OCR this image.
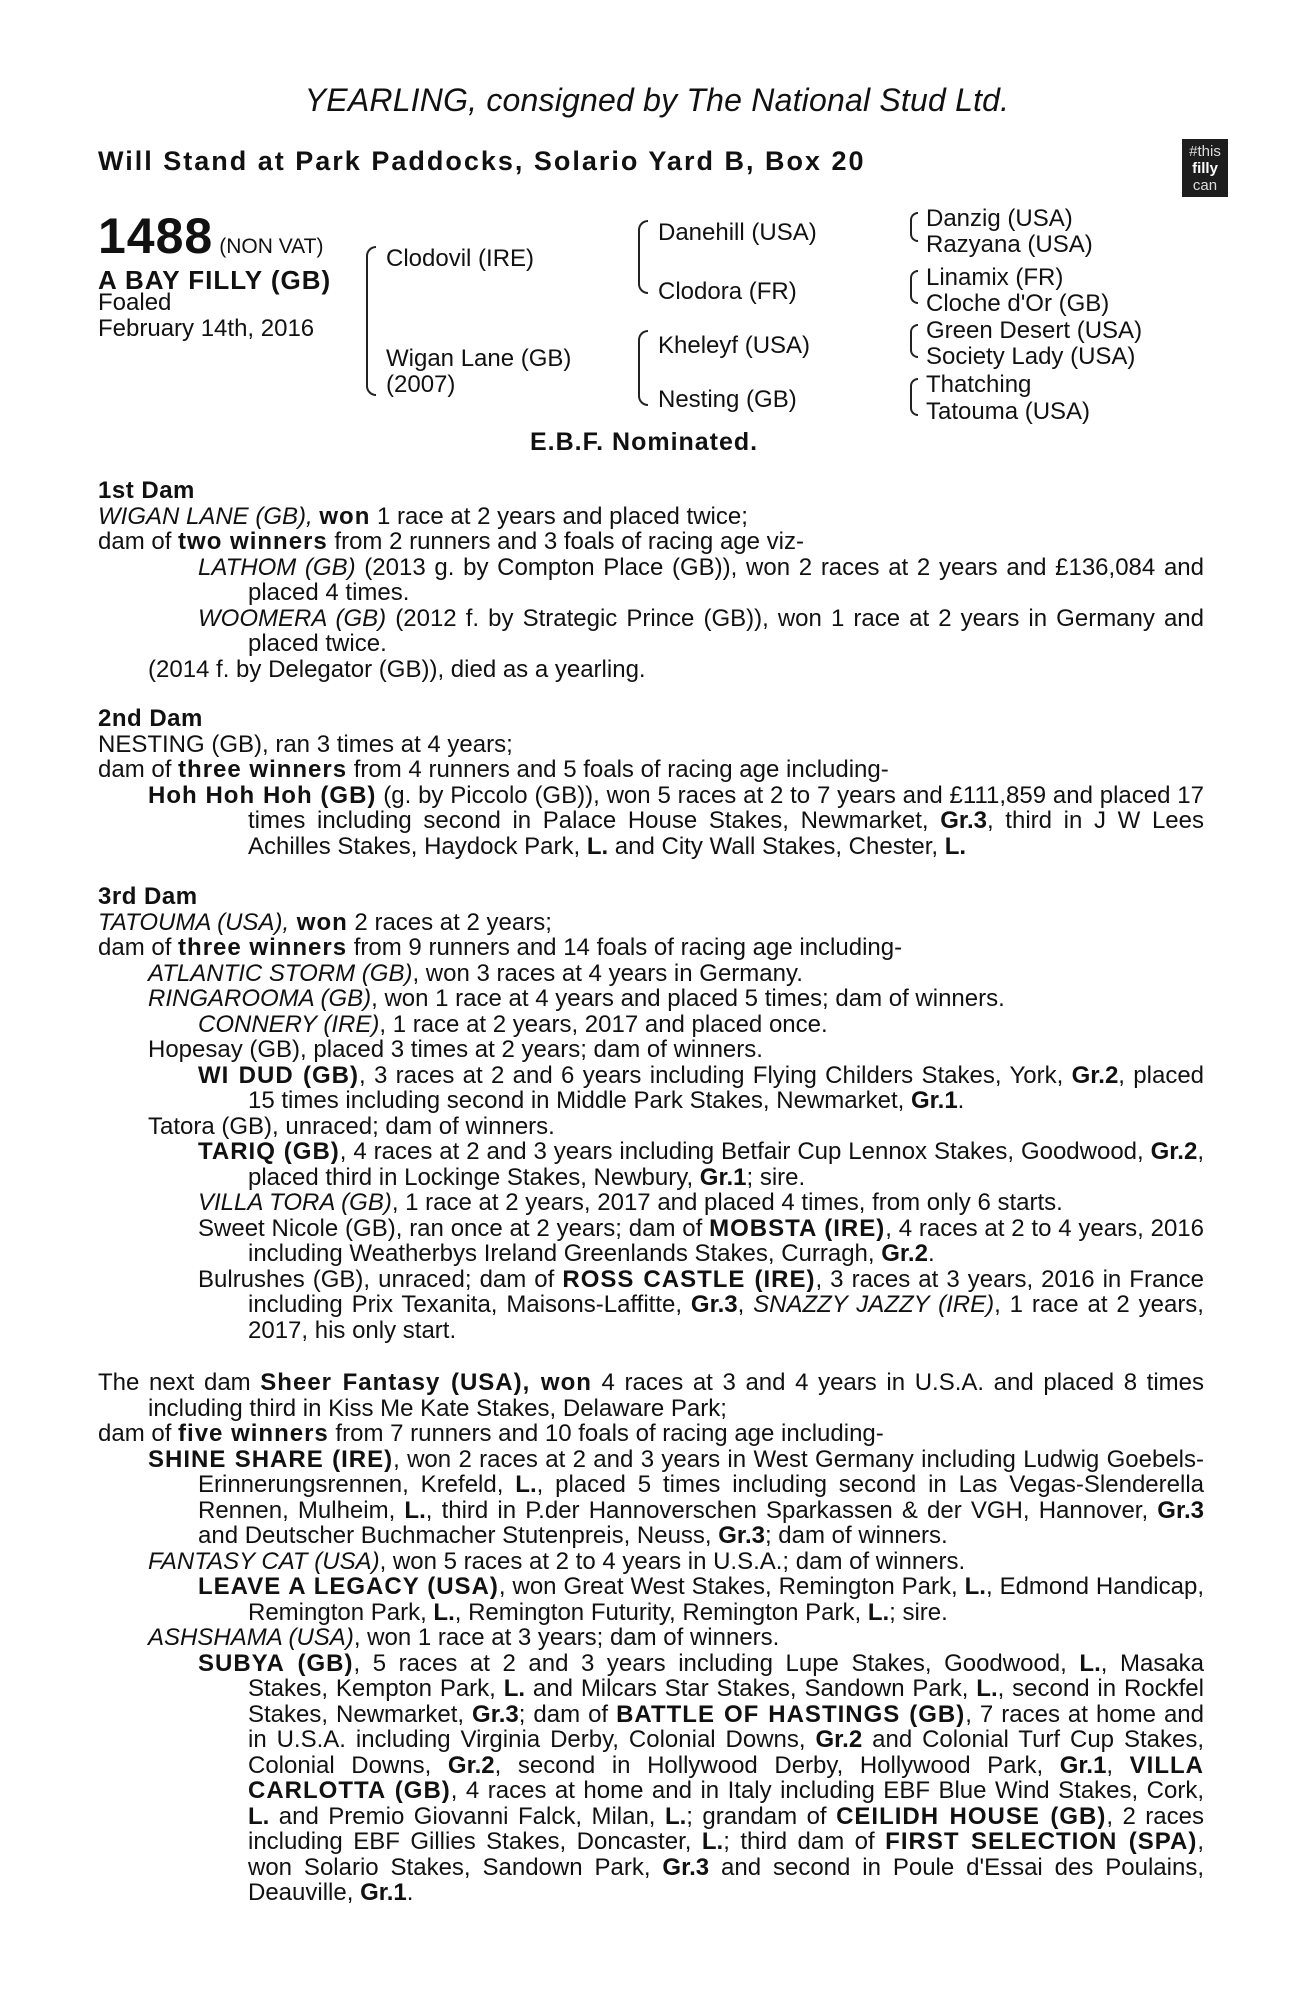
YEARLING, consigned by The National Stud Ltd.
Will Stand at Park Paddocks, Solario Yard B, Box 20	#this
filly
can
1488 (NON VAT)
A BAY FILLY (GB)
Foaled
February 14th, 2016
Clodovil (IRE)
Wigan Lane (GB)
(2007)
Danehill (USA)
Clodora (FR)
Kheleyf (USA)
Nesting (GB)
Danzig (USA)
Razyana (USA)
Linamix (FR)
Cloche d'Or (GB)
Green Desert (USA)
Society Lady (USA)
Thatching
Tatouma (USA)
E.B.F. Nominated.

1st Dam

WIGAN LANE (GB), won 1 race at 2 years and placed twice;

dam of two winners from 2 runners and 3 foals of racing age viz-

LATHOM (GB) (2013 g. by Compton Place (GB)), won 2 races at 2 years and £136,084 and placed 4 times.

WOOMERA (GB) (2012 f. by Strategic Prince (GB)), won 1 race at 2 years in Germany and placed twice.

(2014 f. by Delegator (GB)), died as a yearling.

2nd Dam

NESTING (GB), ran 3 times at 4 years;

dam of three winners from 4 runners and 5 foals of racing age including-

Hoh Hoh Hoh (GB) (g. by Piccolo (GB)), won 5 races at 2 to 7 years and £111,859 and placed 17 times including second in Palace House Stakes, Newmarket, Gr.3, third in J W Lees Achilles Stakes, Haydock Park, L. and City Wall Stakes, Chester, L.

3rd Dam

TATOUMA (USA), won 2 races at 2 years;

dam of three winners from 9 runners and 14 foals of racing age including-

ATLANTIC STORM (GB), won 3 races at 4 years in Germany.

RINGAROOMA (GB), won 1 race at 4 years and placed 5 times; dam of winners.

CONNERY (IRE), 1 race at 2 years, 2017 and placed once.

Hopesay (GB), placed 3 times at 2 years; dam of winners.

WI DUD (GB), 3 races at 2 and 6 years including Flying Childers Stakes, York, Gr.2, placed 15 times including second in Middle Park Stakes, Newmarket, Gr.1.

Tatora (GB), unraced; dam of winners.

TARIQ (GB), 4 races at 2 and 3 years including Betfair Cup Lennox Stakes, Goodwood, Gr.2, placed third in Lockinge Stakes, Newbury, Gr.1; sire.

VILLA TORA (GB), 1 race at 2 years, 2017 and placed 4 times, from only 6 starts.

Sweet Nicole (GB), ran once at 2 years; dam of MOBSTA (IRE), 4 races at 2 to 4 years, 2016 including Weatherbys Ireland Greenlands Stakes, Curragh, Gr.2.

Bulrushes (GB), unraced; dam of ROSS CASTLE (IRE), 3 races at 3 years, 2016 in France including Prix Texanita, Maisons-Laffitte, Gr.3, SNAZZY JAZZY (IRE), 1 race at 2 years, 2017, his only start.

The next dam Sheer Fantasy (USA), won 4 races at 3 and 4 years in U.S.A. and placed 8 times including third in Kiss Me Kate Stakes, Delaware Park;

dam of five winners from 7 runners and 10 foals of racing age including-

SHINE SHARE (IRE), won 2 races at 2 and 3 years in West Germany including Ludwig Goebels-Erinnerungsrennen, Krefeld, L., placed 5 times including second in Las Vegas-Slenderella Rennen, Mulheim, L., third in P.der Hannoverschen Sparkassen & der VGH, Hannover, Gr.3 and Deutscher Buchmacher Stutenpreis, Neuss, Gr.3; dam of winners.

FANTASY CAT (USA), won 5 races at 2 to 4 years in U.S.A.; dam of winners.

LEAVE A LEGACY (USA), won Great West Stakes, Remington Park, L., Edmond Handicap, Remington Park, L., Remington Futurity, Remington Park, L.; sire.

ASHSHAMA (USA), won 1 race at 3 years; dam of winners.

SUBYA (GB), 5 races at 2 and 3 years including Lupe Stakes, Goodwood, L., Masaka Stakes, Kempton Park, L. and Milcars Star Stakes, Sandown Park, L., second in Rockfel Stakes, Newmarket, Gr.3; dam of BATTLE OF HASTINGS (GB), 7 races at home and in U.S.A. including Virginia Derby, Colonial Downs, Gr.2 and Colonial Turf Cup Stakes, Colonial Downs, Gr.2, second in Hollywood Derby, Hollywood Park, Gr.1, VILLA CARLOTTA (GB), 4 races at home and in Italy including EBF Blue Wind Stakes, Cork, L. and Premio Giovanni Falck, Milan, L.; grandam of CEILIDH HOUSE (GB), 2 races including EBF Gillies Stakes, Doncaster, L.; third dam of FIRST SELECTION (SPA), won Solario Stakes, Sandown Park, Gr.3 and second in Poule d'Essai des Poulains, Deauville, Gr.1.
